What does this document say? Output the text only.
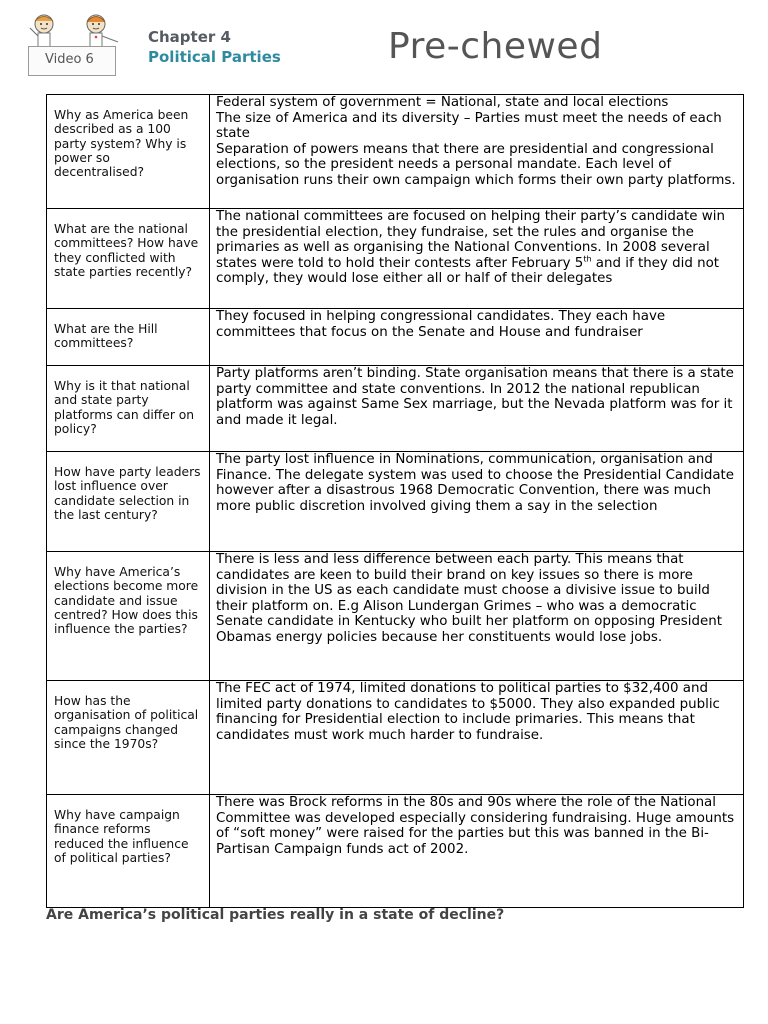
Video 6
Chapter 4
Political Parties	Pre-chewed
Why as America been described as a 100 party system? Why is power so decentralised?	Federal system of government = National, state and local elections
The size of America and its diversity – Parties must meet the needs of each state
Separation of powers means that there are presidential and congressional elections, so the president needs a personal mandate. Each level of organisation runs their own campaign which forms their own party platforms.

What are the national committees? How have they conflicted with state parties recently?	The national committees are focused on helping their party’s candidate win the presidential election, they fundraise, set the rules and organise the primaries as well as organising the National Conventions. In 2008 several states were told to hold their contests after February 5th and if they did not comply, they would lose either all or half of their delegates

What are the Hill committees?	They focused in helping congressional candidates. They each have committees that focus on the Senate and House and fundraiser

Why is it that national and state party platforms can differ on policy?	Party platforms aren’t binding. State organisation means that there is a state party committee and state conventions. In 2012 the national republican platform was against Same Sex marriage, but the Nevada platform was for it and made it legal.

How have party leaders lost influence over candidate selection in the last century?	The party lost influence in Nominations, communication, organisation and Finance. The delegate system was used to choose the Presidential Candidate however after a disastrous 1968 Democratic Convention, there was much more public discretion involved giving them a say in the selection

Why have America’s elections become more candidate and issue centred? How does this influence the parties?	There is less and less difference between each party. This means that candidates are keen to build their brand on key issues so there is more division in the US as each candidate must choose a divisive issue to build their platform on. E.g Alison Lundergan Grimes – who was a democratic Senate candidate in Kentucky who built her platform on opposing President Obamas energy policies because her constituents would lose jobs.

How has the organisation of political campaigns changed since the 1970s?	The FEC act of 1974, limited donations to political parties to $32,400 and limited party donations to candidates to $5000. They also expanded public financing for Presidential election to include primaries. This means that candidates must work much harder to fundraise.

Why have campaign finance reforms reduced the influence of political parties?	There was Brock reforms in the 80s and 90s where the role of the National Committee was developed especially considering fundraising. Huge amounts of “soft money” were raised for the parties but this was banned in the Bi-Partisan Campaign funds act of 2002.
Are America’s political parties really in a state of decline?
